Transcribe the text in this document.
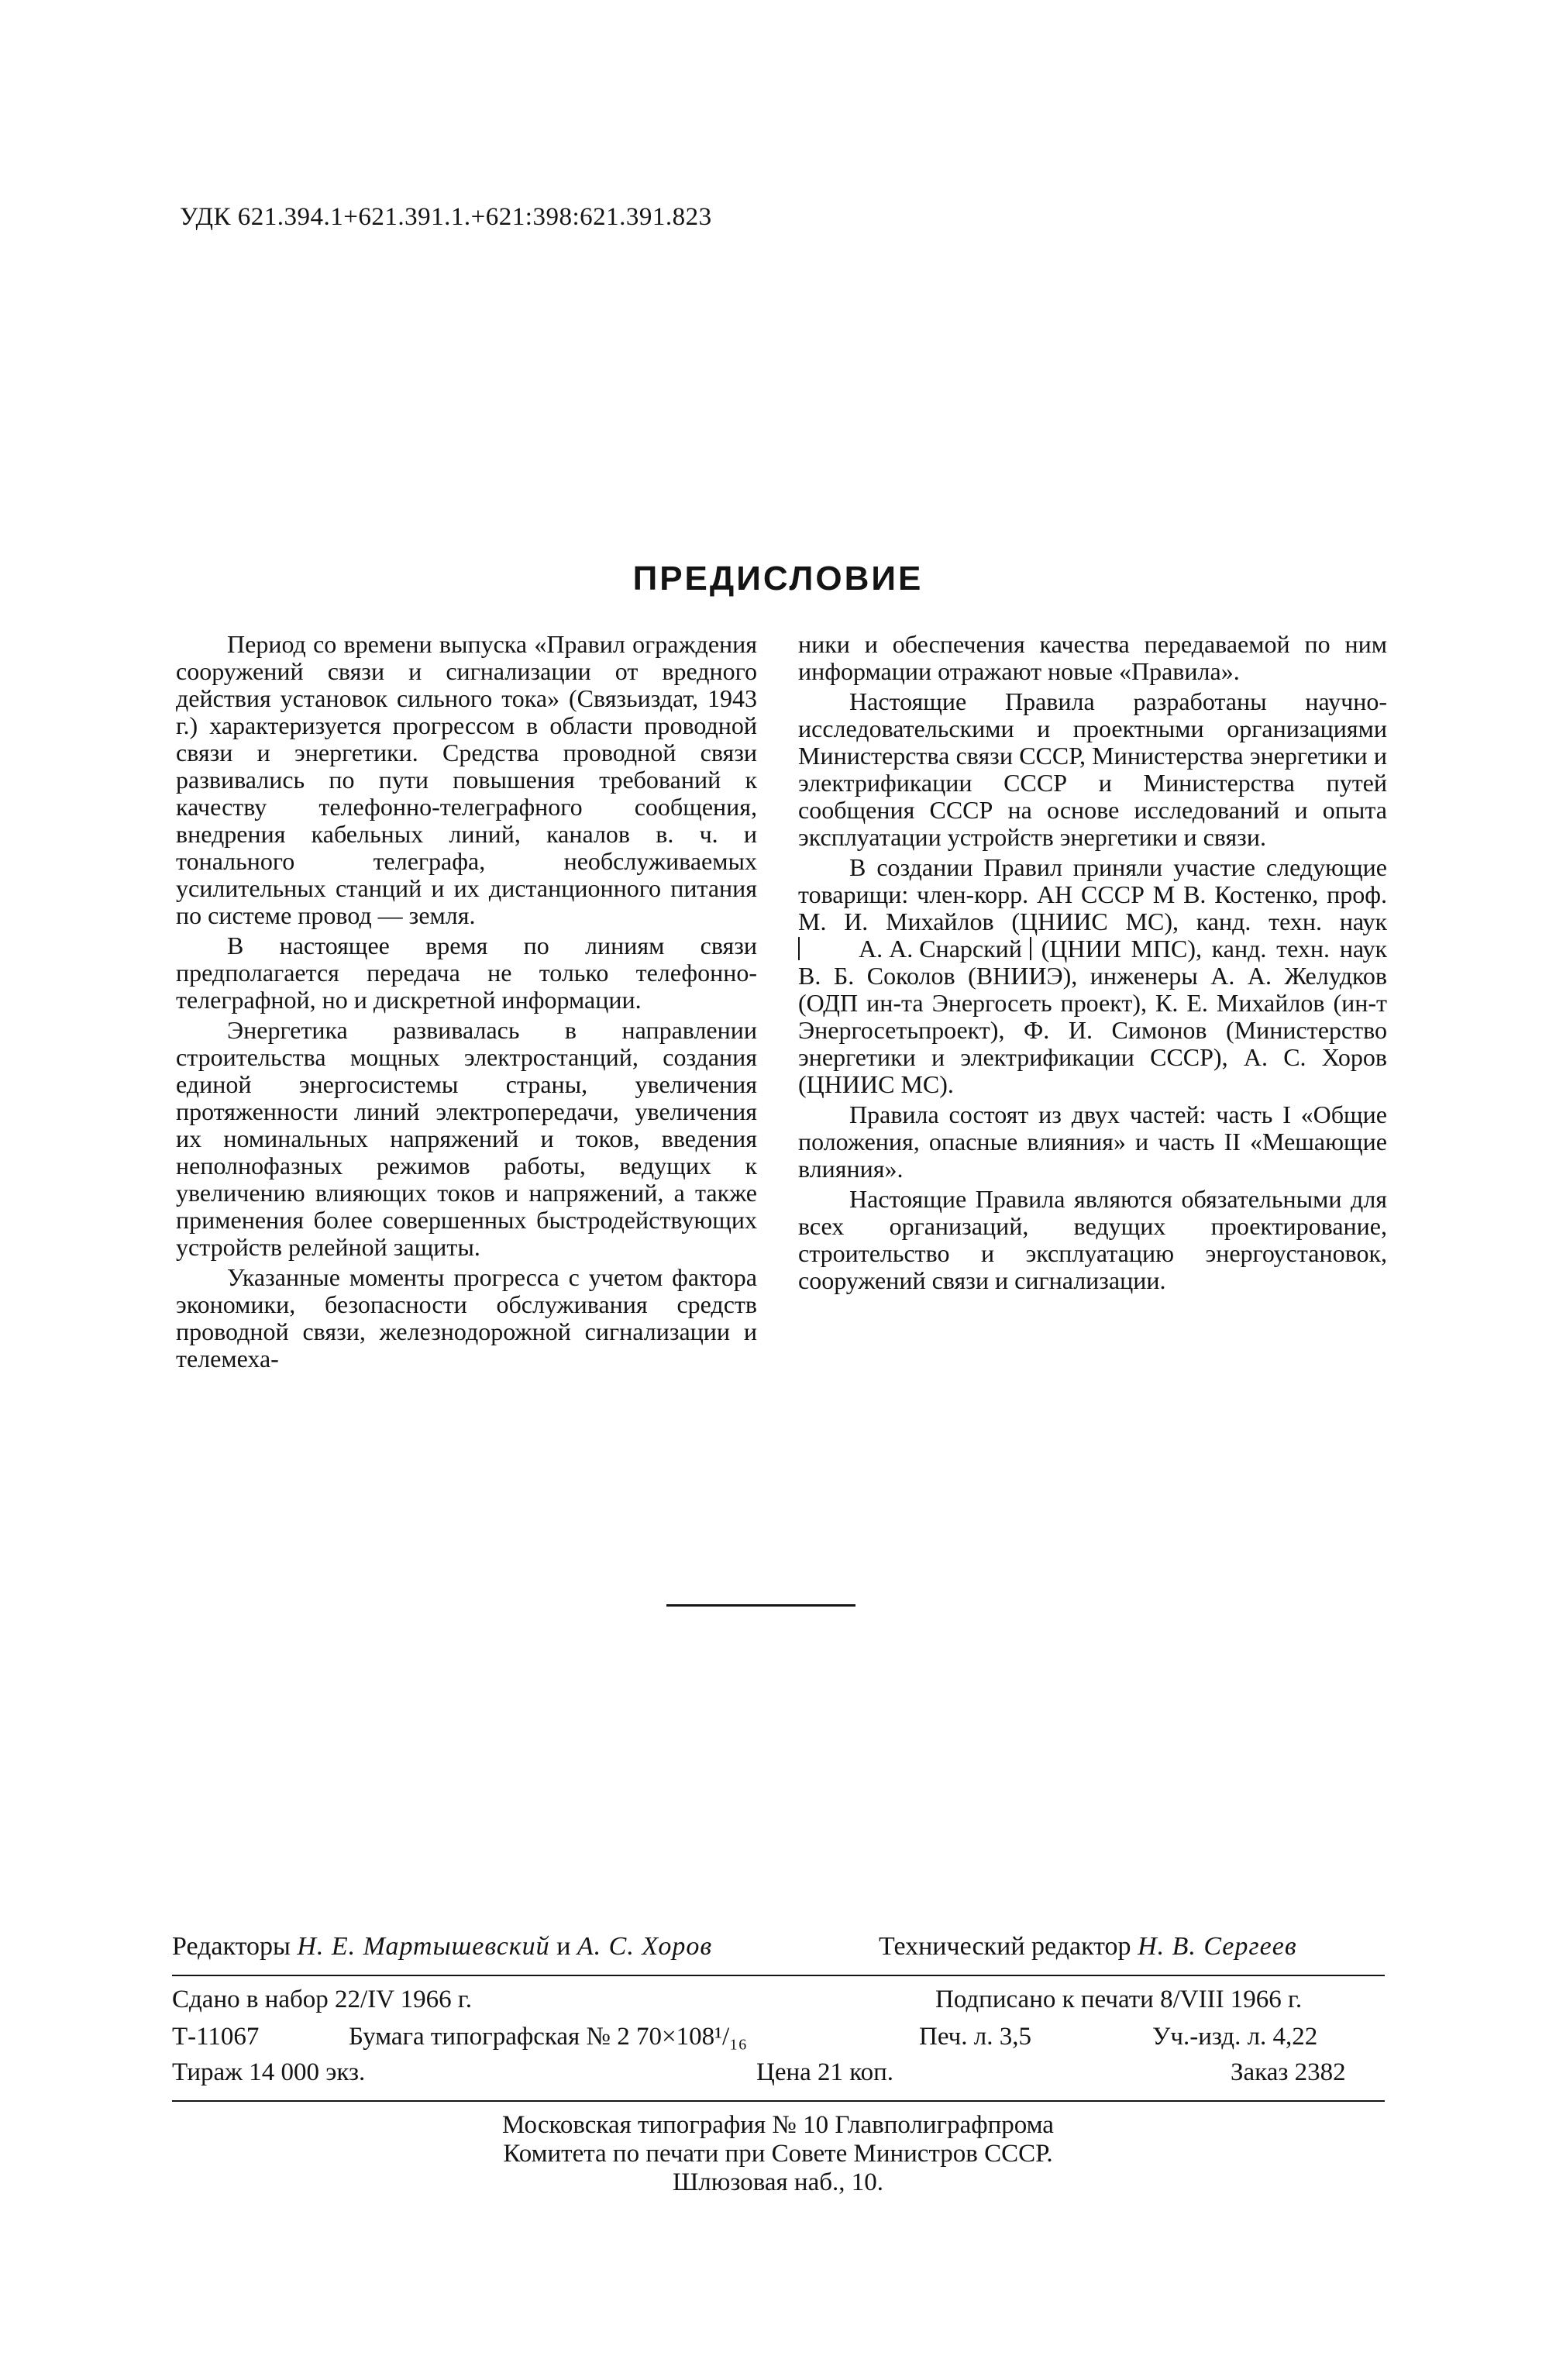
УДК 621.394.1+621.391.1.+621:398:621.391.823
ПРЕДИСЛОВИЕ

Период со времени выпуска «Правил ограждения сооружений связи и сигнализации от вредного действия установок сильного тока» (Связьиздат, 1943 г.) характеризуется прогрессом в области проводной связи и энергетики. Средства проводной связи развивались по пути повышения требований к качеству телефонно-телеграфного сообщения, внедрения кабельных линий, каналов в. ч. и тонального телеграфа, необслуживаемых усилительных станций и их дистанционного питания по системе провод — земля.

В настоящее время по линиям связи предполагается передача не только телефонно-телеграфной, но и дискретной информации.

Энергетика развивалась в направлении строительства мощных электростанций, создания единой энергосистемы страны, увеличения протяженности линий электропередачи, увеличения их номинальных напряжений и токов, введения неполнофазных режимов работы, ведущих к увеличению влияющих токов и напряжений, а также применения более совершенных быстродействующих устройств релейной защиты.

Указанные моменты прогресса с учетом фактора экономики, безопасности обслуживания средств проводной связи, железнодорожной сигнализации и телемеха-

ники и обеспечения качества передаваемой по ним информации отражают новые «Правила».

Настоящие Правила разработаны научно-исследовательскими и проектными организациями Министерства связи СССР, Министерства энергетики и электрификации СССР и Министерства путей сообщения СССР на основе исследований и опыта эксплуатации устройств энергетики и связи.

В создании Правил приняли участие следующие товарищи: член-корр. АН СССР М В. Костенко, проф. М. И. Михайлов (ЦНИИС МС), канд. техн. наук А. А. Снарский (ЦНИИ МПС), канд. техн. наук В. Б. Соколов (ВНИИЭ), инженеры А. А. Желудков (ОДП ин-та Энергосеть проект), К. Е. Михайлов (ин-т Энергосетьпроект), Ф. И. Симонов (Министерство энергетики и электрификации СССР), А. С. Хоров (ЦНИИС МС).

Правила состоят из двух частей: часть I «Общие положения, опасные влияния» и часть II «Мешающие влияния».

Настоящие Правила являются обязательными для всех организаций, ведущих проектирование, строительство и эксплуатацию энергоустановок, сооружений связи и сигнализации.

Редакторы Н. Е. Мартышевский и А. С. Хоров	Технический редактор Н. В. Сергеев
Сдано в набор 22/IV 1966 г.	Подписано к печати 8/VIII 1966 г.
Т-11067	Бумага типографская № 2 70×108¹/₁₆	Печ. л. 3,5	Уч.-изд. л. 4,22
Тираж 14 000 экз.	Цена 21 коп.	Заказ 2382
Московская типография № 10 Главполиграфпрома
Комитета по печати при Совете Министров СССР.
Шлюзовая наб., 10.
